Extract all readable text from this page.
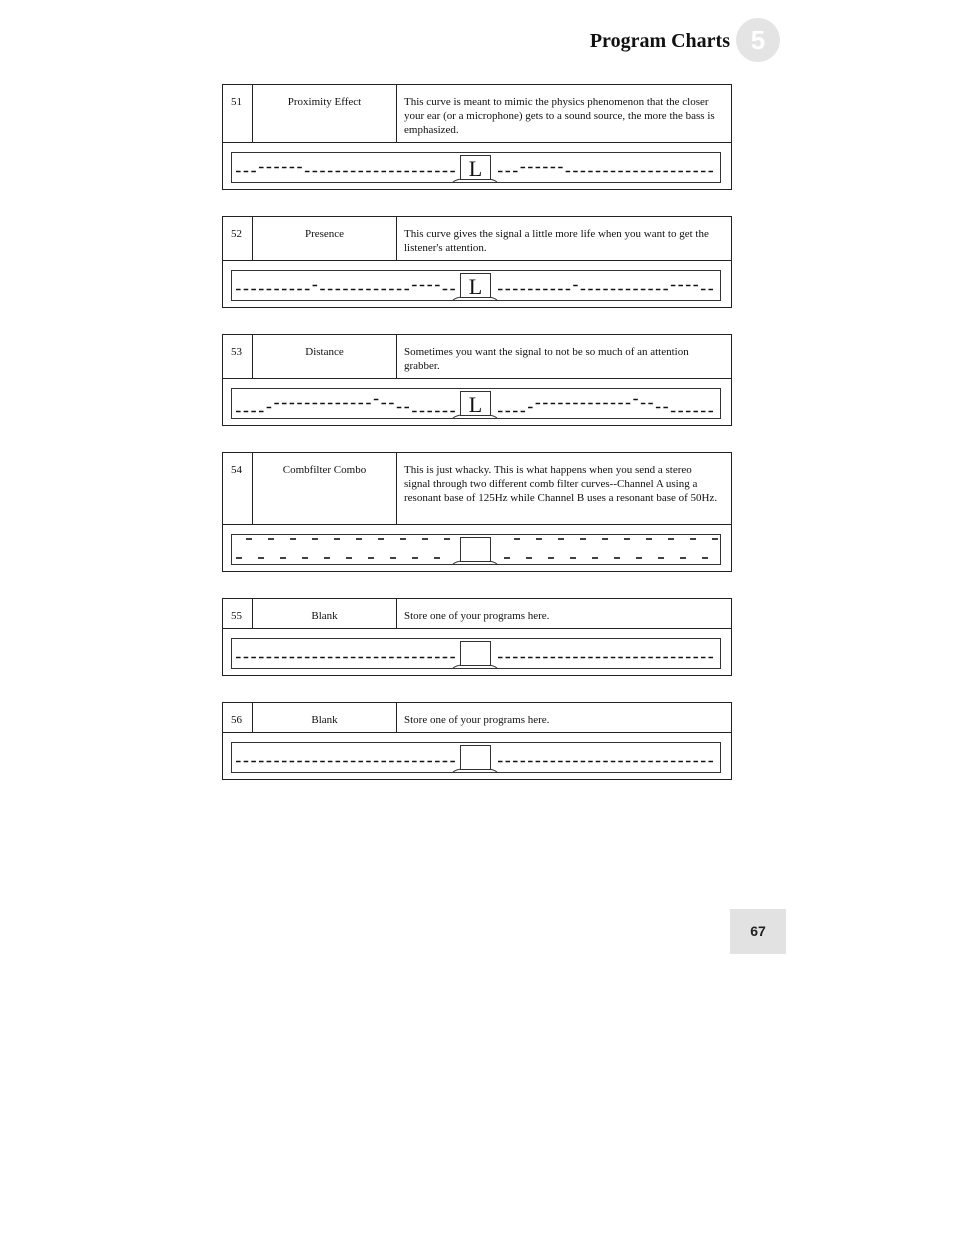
Program Charts 5
51	Proximity Effect	This curve is meant to mimic the physics phenomenon that the closer your ear (or a microphone) gets to a sound source, the more the bass is emphasized.
L
52	Presence	This curve gives the signal a little more life when you want to get the listener's attention.
L
53	Distance	Sometimes you want the signal to not be so much of an attention grabber.
L
54	Combfilter Combo	This is just whacky. This is what happens when you send a stereo signal through two different comb filter curves--Channel A using a resonant base of 125Hz while Channel B uses a resonant base of 50Hz.
55	Blank	Store one of your programs here.
56	Blank	Store one of your programs here.
67
